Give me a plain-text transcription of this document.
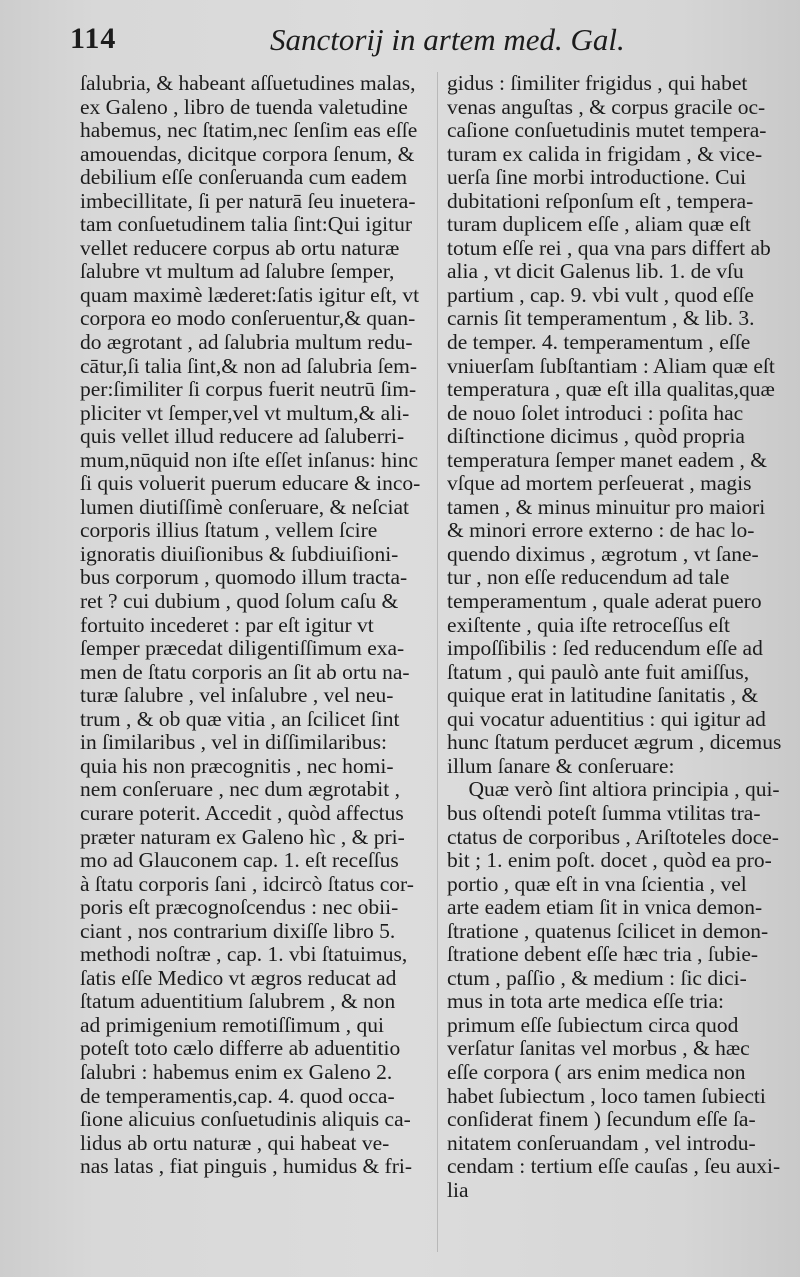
114	Sanctorij in artem med. Gal.
ſalubria, & habeant aſſuetudines malas,
ex Galeno , libro de tuenda valetudine
habemus, nec ſtatim,nec ſenſim eas eſſe
amouendas, dicitque corpora ſenum, &
debilium eſſe conſeruanda cum eadem
imbecillitate, ſi per naturā ſeu inuetera-
tam conſuetudinem talia ſint:Qui igitur
vellet reducere corpus ab ortu naturæ
ſalubre vt multum ad ſalubre ſemper,
quam maximè læderet:ſatis igitur eſt, vt
corpora eo modo conſeruentur,& quan-
do ægrotant , ad ſalubria multum redu-
cātur,ſi talia ſint,& non ad ſalubria ſem-
per:ſimiliter ſi corpus fuerit neutrū ſim-
pliciter vt ſemper,vel vt multum,& ali-
quis vellet illud reducere ad ſaluberri-
mum,nūquid non iſte eſſet inſanus: hinc
ſi quis voluerit puerum educare & inco-
lumen diutiſſimè conſeruare, & neſciat
corporis illius ſtatum , vellem ſcire
ignoratis diuiſionibus & ſubdiuiſioni-
bus corporum , quomodo illum tracta-
ret ? cui dubium , quod ſolum caſu &
fortuito incederet : par eſt igitur vt
ſemper præcedat diligentiſſimum exa-
men de ſtatu corporis an ſit ab ortu na-
turæ ſalubre , vel inſalubre , vel neu-
trum , & ob quæ vitia , an ſcilicet ſint
in ſimilaribus , vel in diſſimilaribus:
quia his non præcognitis , nec homi-
nem conſeruare , nec dum ægrotabit ,
curare poterit. Accedit , quòd affectus
præter naturam ex Galeno hìc , & pri-
mo ad Glauconem cap. 1. eſt receſſus
à ſtatu corporis ſani , idcircò ſtatus cor-
poris eſt præcognoſcendus : nec obii-
ciant , nos contrarium dixiſſe libro 5.
methodi noſtræ , cap. 1. vbi ſtatuimus,
ſatis eſſe Medico vt ægros reducat ad
ſtatum aduentitium ſalubrem , & non
ad primigenium remotiſſimum , qui
poteſt toto cælo differre ab aduentitio
ſalubri : habemus enim ex Galeno 2.
de temperamentis,cap. 4. quod occa-
ſione alicuius conſuetudinis aliquis ca-
lidus ab ortu naturæ , qui habeat ve-
nas latas , fiat pinguis , humidus & fri-
gidus : ſimiliter frigidus , qui habet
venas anguſtas , & corpus gracile oc-
caſione conſuetudinis mutet tempera-
turam ex calida in frigidam , & vice-
uerſa ſine morbi introductione. Cui
dubitationi reſponſum eſt , tempera-
turam duplicem eſſe , aliam quæ eſt
totum eſſe rei , qua vna pars differt ab
alia , vt dicit Galenus lib. 1. de vſu
partium , cap. 9. vbi vult , quod eſſe
carnis ſit temperamentum , & lib. 3.
de temper. 4. temperamentum , eſſe
vniuerſam ſubſtantiam : Aliam quæ eſt
temperatura , quæ eſt illa qualitas,quæ
de nouo ſolet introduci : poſita hac
diſtinctione dicimus , quòd propria
temperatura ſemper manet eadem , &
vſque ad mortem perſeuerat , magis
tamen , & minus minuitur pro maiori
& minori errore externo : de hac lo-
quendo diximus , ægrotum , vt ſane-
tur , non eſſe reducendum ad tale
temperamentum , quale aderat puero
exiſtente , quia iſte retroceſſus eſt
impoſſibilis : ſed reducendum eſſe ad
ſtatum , qui paulò ante fuit amiſſus,
quique erat in latitudine ſanitatis , &
qui vocatur aduentitius : qui igitur ad
hunc ſtatum perducet ægrum , dicemus
illum ſanare & conſeruare:
Quæ verò ſint altiora principia , qui-
bus oſtendi poteſt ſumma vtilitas tra-
ctatus de corporibus , Ariſtoteles doce-
bit ; 1. enim poſt. docet , quòd ea pro-
portio , quæ eſt in vna ſcientia , vel
arte eadem etiam ſit in vnica demon-
ſtratione , quatenus ſcilicet in demon-
ſtratione debent eſſe hæc tria , ſubie-
ctum , paſſio , & medium : ſic dici-
mus in tota arte medica eſſe tria:
primum eſſe ſubiectum circa quod
verſatur ſanitas vel morbus , & hæc
eſſe corpora ( ars enim medica non
habet ſubiectum , loco tamen ſubiecti
conſiderat finem ) ſecundum eſſe ſa-
nitatem conſeruandam , vel introdu-
cendam : tertium eſſe cauſas , ſeu auxi-
lia
